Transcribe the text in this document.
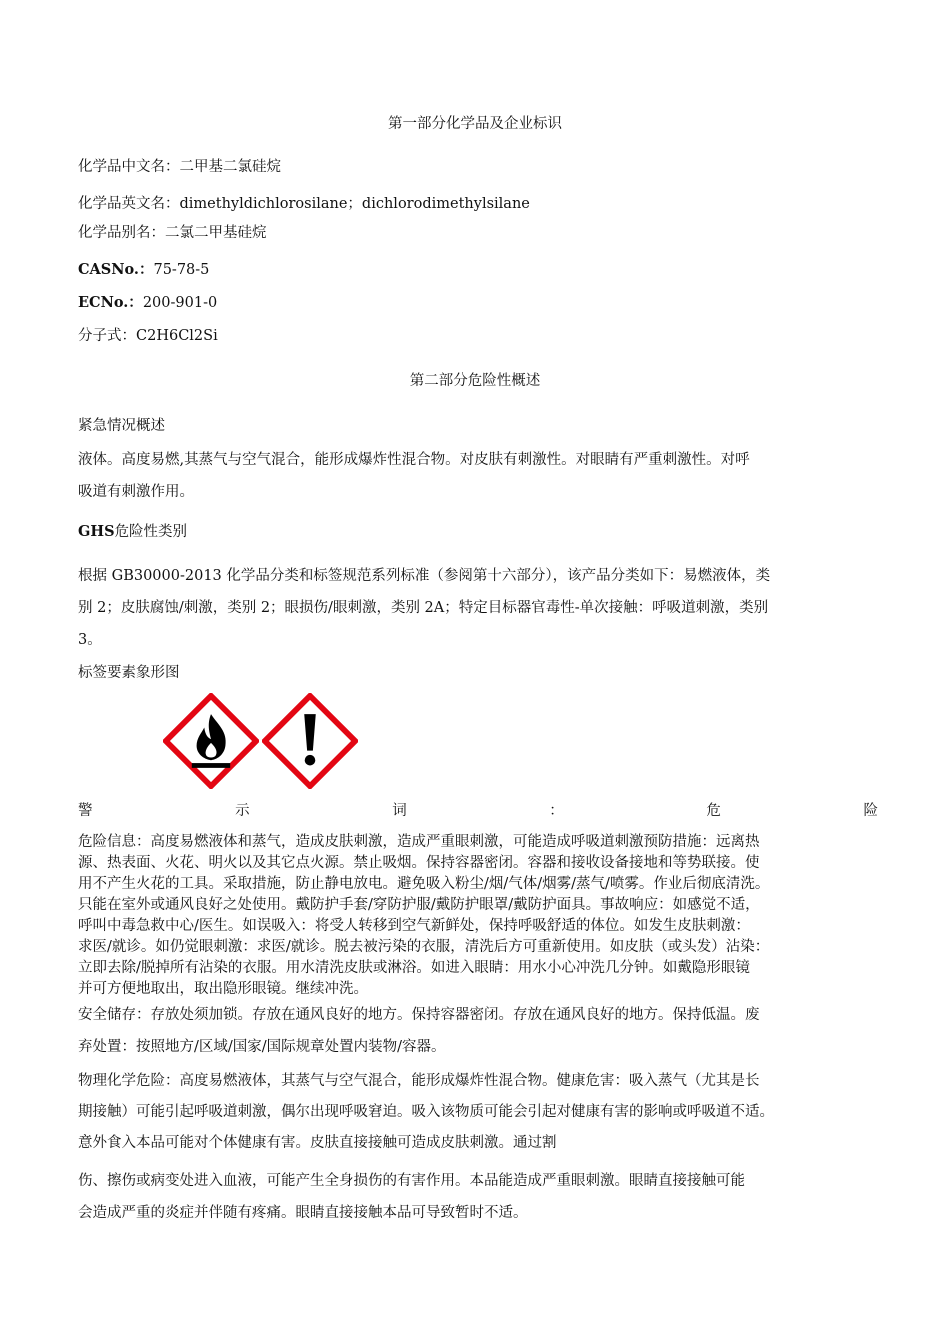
第一部分化学品及企业标识
化学品中文名：二甲基二氯硅烷
化学品英文名：dimethyldichlorosilane；dichlorodimethylsilane
化学品别名：二氯二甲基硅烷
CASNo.：75-78-5
ECNo.：200-901-0
分子式：C2H6Cl2Si
第二部分危险性概述
紧急情况概述
液体。高度易燃,其蒸气与空气混合，能形成爆炸性混合物。对皮肤有刺激性。对眼睛有严重刺激性。对呼
吸道有刺激作用。
GHS危险性类别
根据 GB30000-2013 化学品分类和标签规范系列标准（参阅第十六部分），该产品分类如下：易燃液体，类
别 2；皮肤腐蚀/刺激，类别 2；眼损伤/眼刺激，类别 2A；特定目标器官毒性-单次接触：呼吸道刺激，类别
3。
标签要素象形图
警	示	词	：	危	险
危险信息：高度易燃液体和蒸气，造成皮肤刺激，造成严重眼刺激，可能造成呼吸道刺激预防措施：远离热
源、热表面、火花、明火以及其它点火源。禁止吸烟。保持容器密闭。容器和接收设备接地和等势联接。使
用不产生火花的工具。采取措施，防止静电放电。避免吸入粉尘/烟/气体/烟雾/蒸气/喷雾。作业后彻底清洗。
只能在室外或通风良好之处使用。戴防护手套/穿防护服/戴防护眼罩/戴防护面具。事故响应：如感觉不适，
呼叫中毒急救中心/医生。如误吸入：将受人转移到空气新鲜处，保持呼吸舒适的体位。如发生皮肤刺激：
求医/就诊。如仍觉眼刺激：求医/就诊。脱去被污染的衣服，清洗后方可重新使用。如皮肤（或头发）沾染：
立即去除/脱掉所有沾染的衣服。用水清洗皮肤或淋浴。如进入眼睛：用水小心冲洗几分钟。如戴隐形眼镜
并可方便地取出，取出隐形眼镜。继续冲洗。
安全储存：存放处须加锁。存放在通风良好的地方。保持容器密闭。存放在通风良好的地方。保持低温。废
弃处置：按照地方/区域/国家/国际规章处置内装物/容器。
物理化学危险：高度易燃液体，其蒸气与空气混合，能形成爆炸性混合物。健康危害：吸入蒸气（尤其是长
期接触）可能引起呼吸道刺激，偶尔出现呼吸窘迫。吸入该物质可能会引起对健康有害的影响或呼吸道不适。
意外食入本品可能对个体健康有害。皮肤直接接触可造成皮肤刺激。通过割
伤、擦伤或病变处进入血液，可能产生全身损伤的有害作用。本品能造成严重眼刺激。眼睛直接接触可能
会造成严重的炎症并伴随有疼痛。眼睛直接接触本品可导致暂时不适。
